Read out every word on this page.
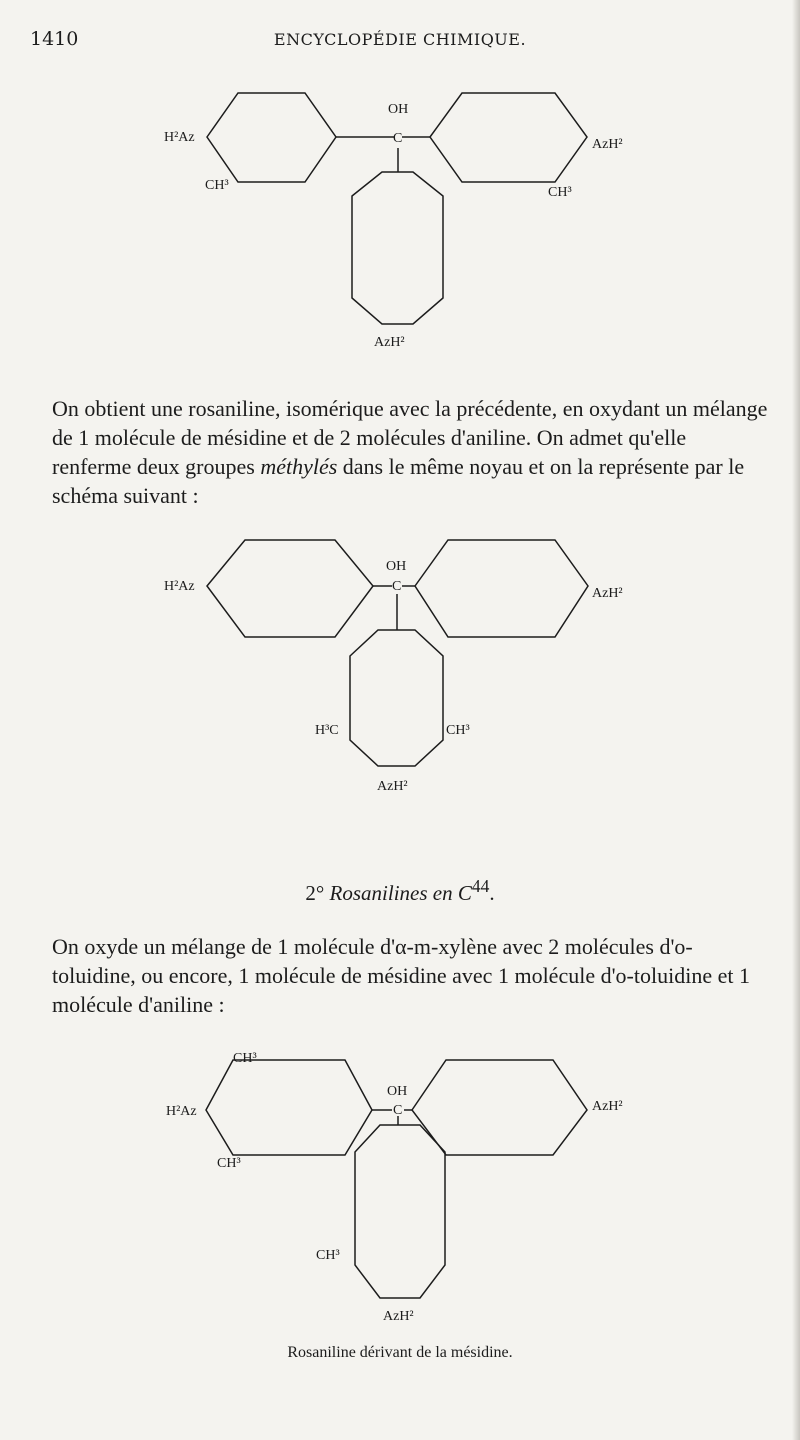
1410	ENCYCLOPÉDIE CHIMIQUE.
H²Az
CH³
OH
C	AzH²
CH³
AzH²

On obtient une rosaniline, isomérique avec la précédente, en oxydant un mélange de 1 molécule de mésidine et de 2 molécules d'aniline. On admet qu'elle renferme deux groupes méthylés dans le même noyau et on la représente par le schéma suivant :

H²Az
OH
C	AzH²
H³C	CH³
AzH²
2° Rosanilines en $C^{44}$.

On oxyde un mélange de 1 molécule d'α-m-xylène avec 2 molécules d'o-toluidine, ou encore, 1 molécule de mésidine avec 1 molécule d'o-toluidine et 1 molécule d'aniline :

CH³
H²Az
CH³
OH
C	AzH²
CH³
AzH²
Rosaniline dérivant de la mésidine.
